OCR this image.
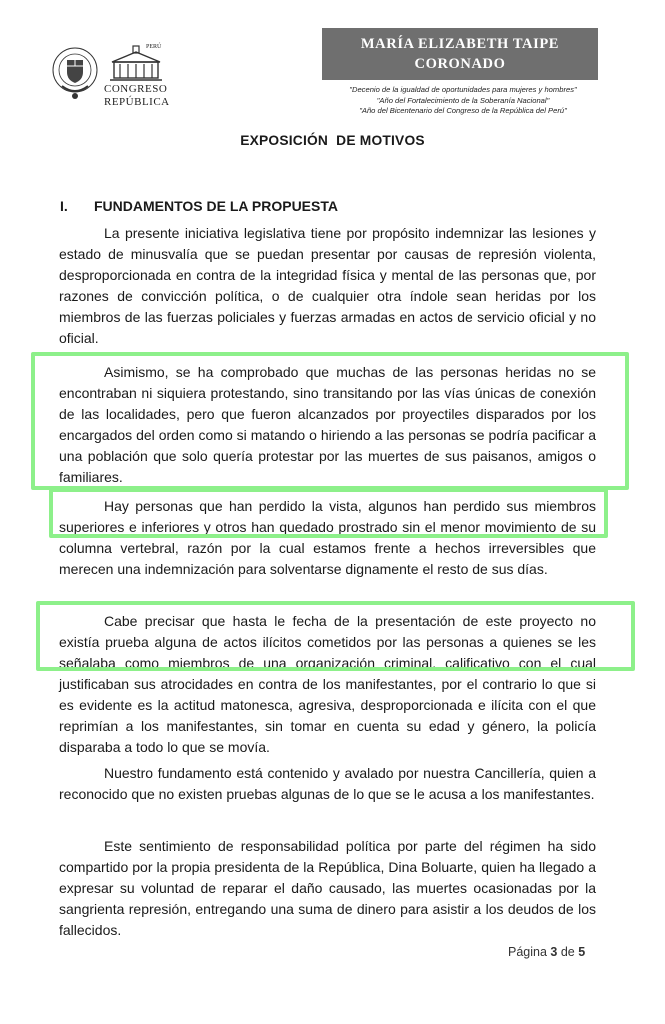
PERÚ
CONGRESO
REPÚBLICA
MARÍA ELIZABETH TAIPE
CORONADO
"Decenio de la igualdad de oportunidades para mujeres y hombres"
"Año del Fortalecimiento de la Soberanía Nacional"
"Año del Bicentenario del Congreso de la República del Perú"
EXPOSICIÓN  DE MOTIVOS
I. FUNDAMENTOS DE LA PROPUESTA

La presente iniciativa legislativa tiene por propósito indemnizar las lesiones y estado de minusvalía que se puedan presentar por causas de represión violenta, desproporcionada en contra de la integridad física y mental de las personas que, por razones de convicción política, o de cualquier otra índole sean heridas por los miembros de las fuerzas policiales y fuerzas armadas en actos de servicio oficial y no oficial.

Asimismo, se ha comprobado que muchas de las personas heridas no se encontraban ni siquiera protestando, sino transitando por las vías únicas de conexión de las localidades, pero que fueron alcanzados por proyectiles disparados por los encargados del orden como si matando o hiriendo a las personas se podría pacificar a una población que solo quería protestar por las muertes de sus paisanos, amigos o familiares.

Hay personas que han perdido la vista, algunos han perdido sus miembros superiores e inferiores y otros han quedado prostrado sin el menor movimiento de su columna vertebral, razón por la cual estamos frente a hechos irreversibles que merecen una indemnización para solventarse dignamente el resto de sus días.

Cabe precisar que hasta le fecha de la presentación de este proyecto no existía prueba alguna de actos ilícitos cometidos por las personas a quienes se les señalaba como miembros de una organización criminal, calificativo con el cual justificaban sus atrocidades en contra de los manifestantes, por el contrario lo que si es evidente es la actitud matonesca, agresiva, desproporcionada e ilícita con el que reprimían a los manifestantes, sin tomar en cuenta su edad y género, la policía disparaba a todo lo que se movía.

Nuestro fundamento está contenido y avalado por nuestra Cancillería, quien a reconocido que no existen pruebas algunas de lo que se le acusa a los manifestantes.

Este sentimiento de responsabilidad política por parte del régimen ha sido compartido por la propia presidenta de la República, Dina Boluarte, quien ha llegado a expresar su voluntad de reparar el daño causado, las muertes ocasionadas por la sangrienta represión, entregando una suma de dinero para asistir a los deudos de los fallecidos.

Página 3 de 5
